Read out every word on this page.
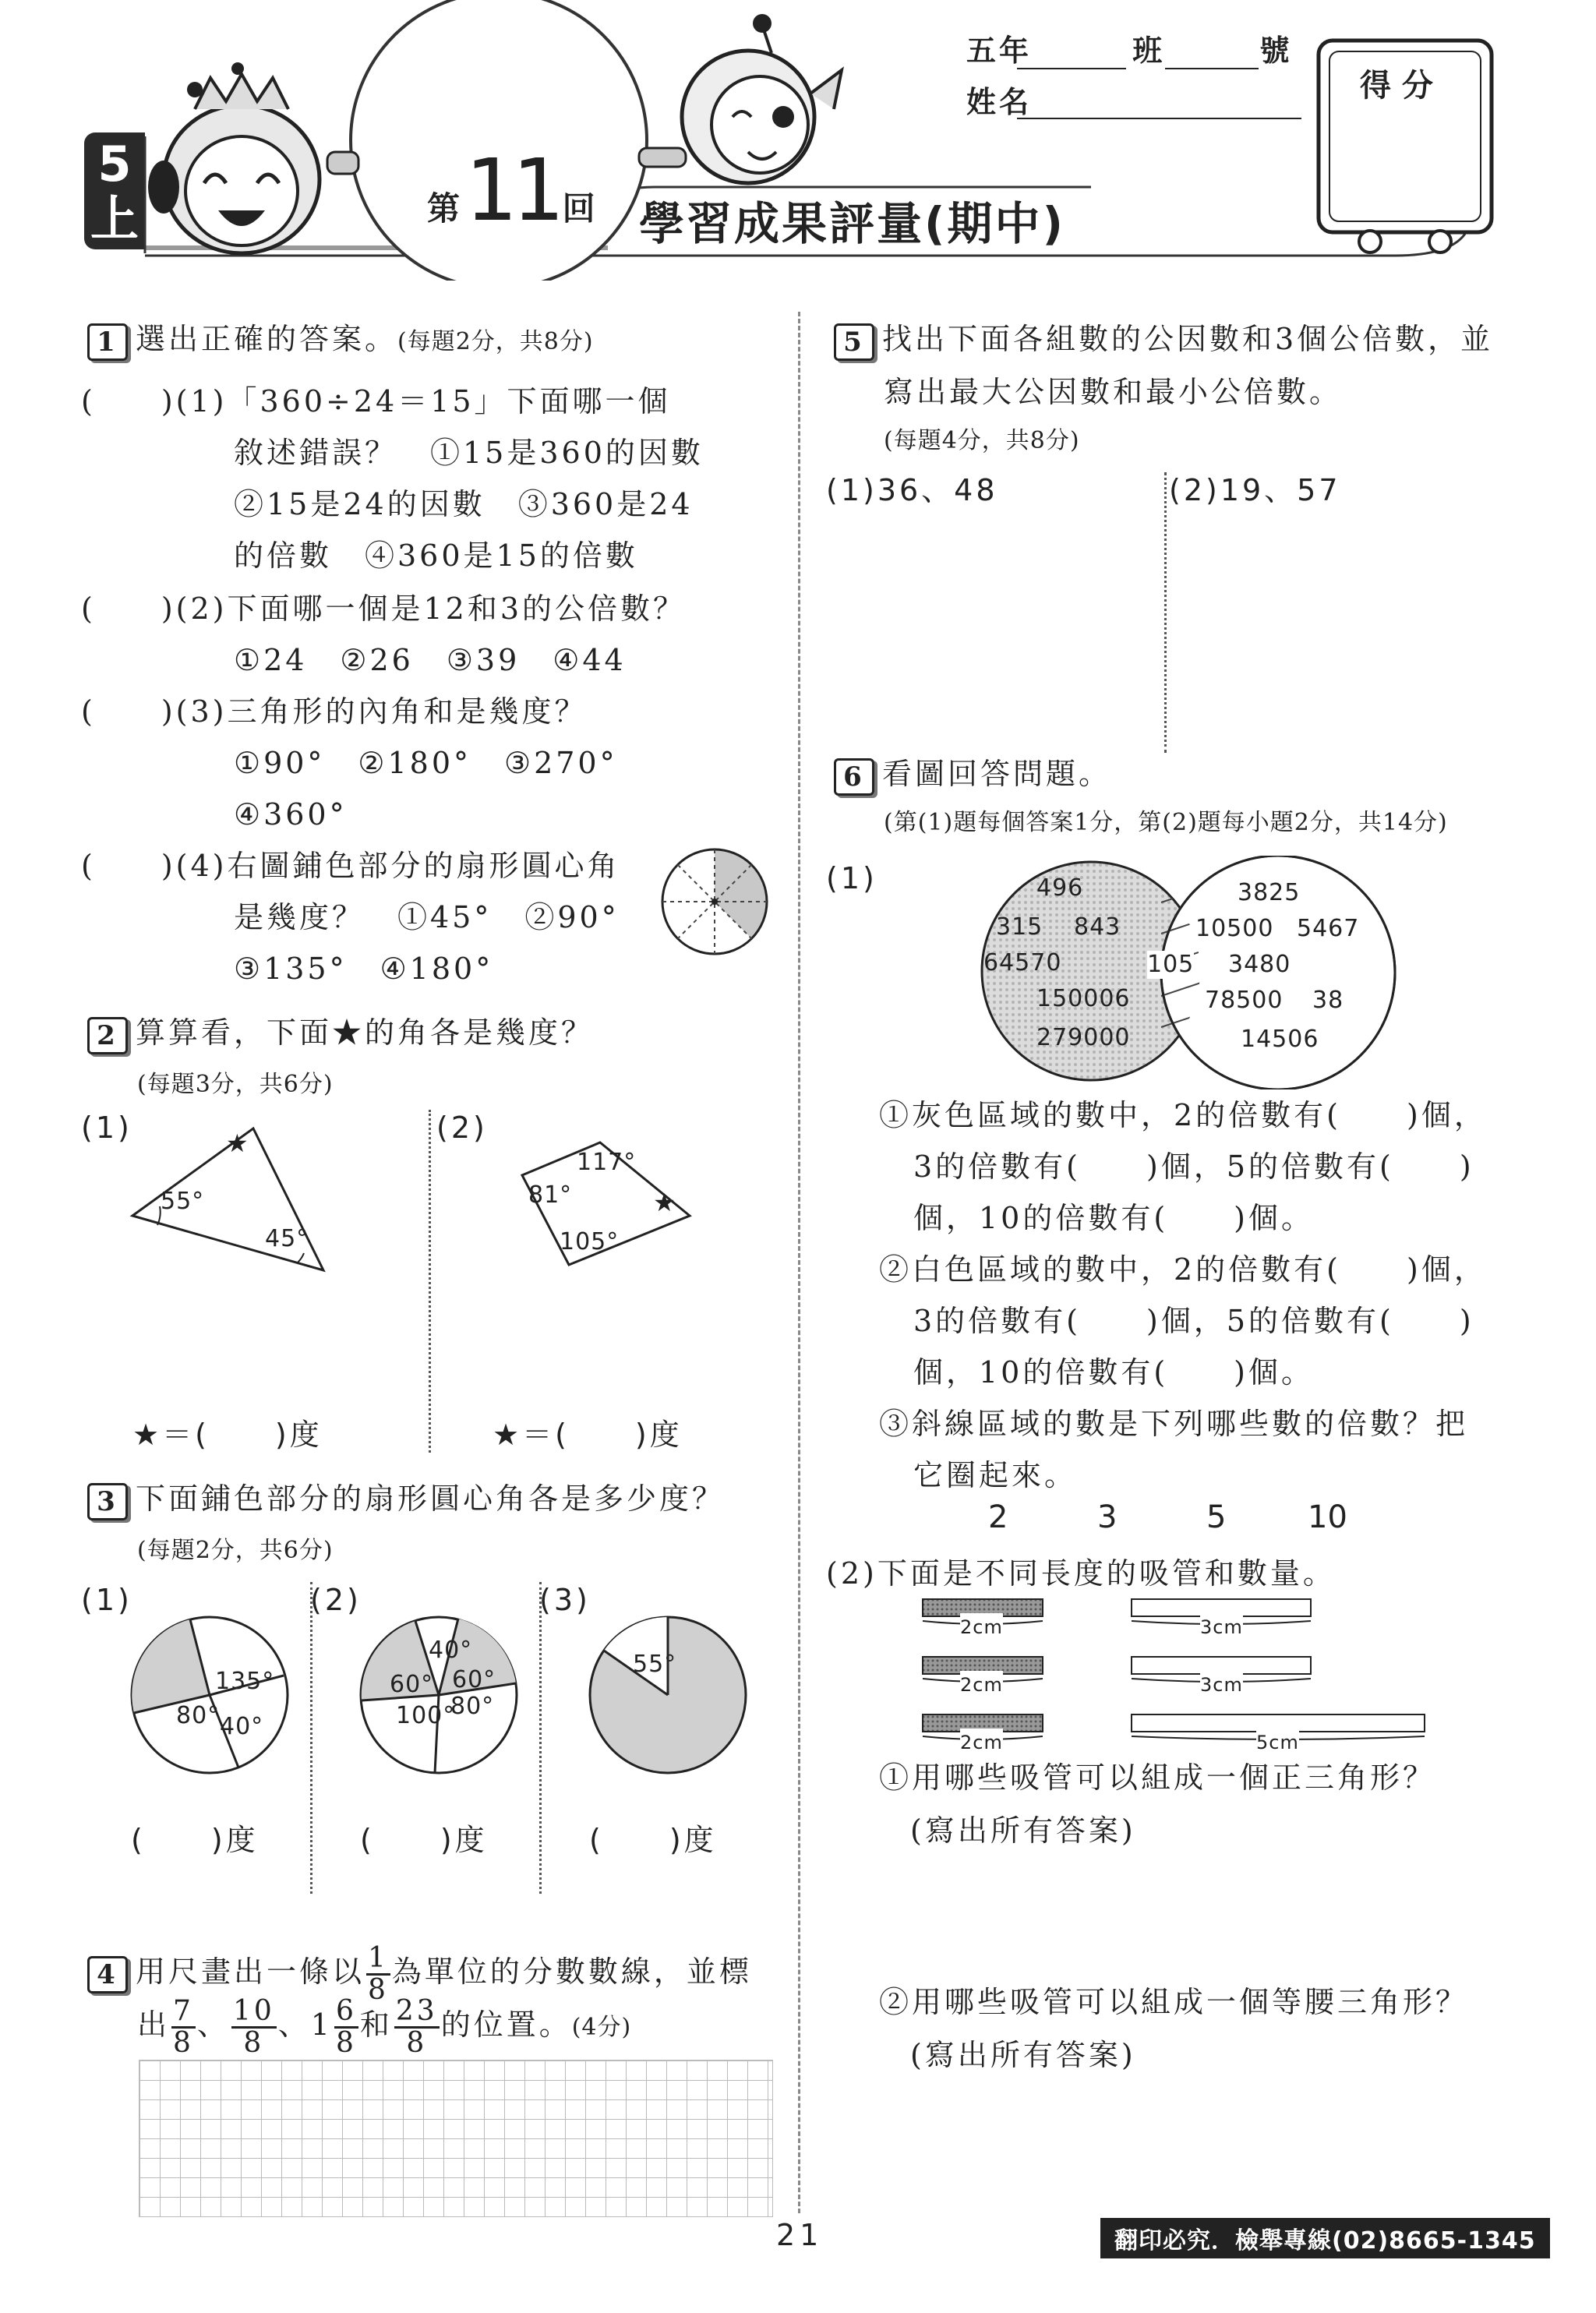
5上	第 11 回 學習成果評量(期中)
五年	班	號
姓名	得 分
1 選出正確的答案。(每題2分，共8分)
(　　)(1)「360÷24＝15」下面哪一個
敘述錯誤？　①15是360的因數
②15是24的因數　③360是24
的倍數　④360是15的倍數
(　　)(2)下面哪一個是12和3的公倍數？
①24　②26　③39　④44
(　　)(3)三角形的內角和是幾度？
①90°　②180°　③270°
④360°
(　　)(4)右圖鋪色部分的扇形圓心角
是幾度？　①45°　②90°
③135°　④180°
2 算算看，下面★的角各是幾度？
(每題3分，共6分)
(1)	(2)
★
55°
45°
★
117°
81°
105°
★＝(　　)度	★＝(　　)度
3 下面鋪色部分的扇形圓心角各是多少度？
(每題2分，共6分)
(1)	(2)	(3)
135°
80° 40°
40°
60° 60°
100°
80°
55°
(　　)度	(　　)度	(　　)度
4 用尺畫出一條以 $\frac{1}{8}$ 為單位的分數數線，並標
出 $\frac{7}{8}$ 、 $\frac{10}{8}$ 、$1 \frac{6}{8}$ 和 $\frac{23}{8}$ 的位置。(4分)
5 找出下面各組數的公因數和3個公倍數，並
寫出最大公因數和最小公倍數。
(每題4分，共8分)
(1)36、48	(2)19、57
6 看圖回答問題。
(第(1)題每個答案1分，第(2)題每小題2分，共14分)
(1)	496
315 843
64570
150006
279000
105
3825
10500 5467
3480
78500 38
14506
①灰色區域的數中，2的倍數有(　　)個，
3的倍數有(　　)個，5的倍數有(　　)
個，10的倍數有(　　)個。
②白色區域的數中，2的倍數有(　　)個，
3的倍數有(　　)個，5的倍數有(　　)
個，10的倍數有(　　)個。
③斜線區域的數是下列哪些數的倍數？把
它圈起來。
2	3	5	10
(2)下面是不同長度的吸管和數量。
2cm
2cm
2cm
3cm
3cm
5cm
①用哪些吸管可以組成一個正三角形？
(寫出所有答案)
②用哪些吸管可以組成一個等腰三角形？
(寫出所有答案)
21	翻印必究．檢舉專線(02)8665-1345
